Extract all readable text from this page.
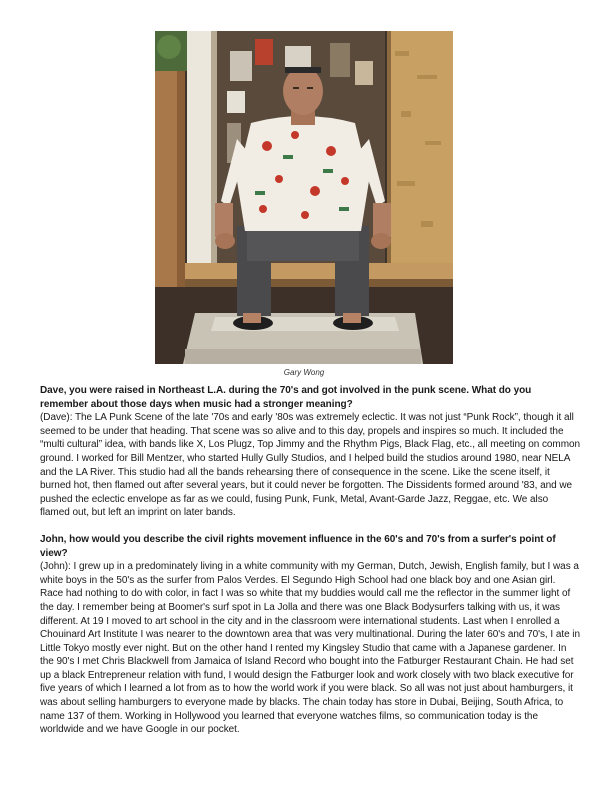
Gary Wong

Dave, you were raised in Northeast L.A. during the 70's and got involved in the punk scene. What do you remember about those days when music had a stronger meaning?

(Dave): The LA Punk Scene of the late '70s and early '80s was extremely eclectic. It was not just “Punk Rock”, though it all seemed to be under that heading. That scene was so alive and to this day, propels and inspires so much. It included the “multi cultural” idea, with bands like X, Los Plugz, Top Jimmy and the Rhythm Pigs, Black Flag, etc., all meeting on common ground. I worked for Bill Mentzer, who started Hully Gully Studios, and I helped build the studios around 1980, near NELA and the LA River. This studio had all the bands rehearsing there of consequence in the scene. Like the scene itself, it burned hot, then flamed out after several years, but it could never be forgotten. The Dissidents formed around '83, and we pushed the eclectic envelope as far as we could, fusing Punk, Funk, Metal, Avant-Garde Jazz, Reggae, etc. We also flamed out, but left an imprint on later bands.

John, how would you describe the civil rights movement influence in the 60's and 70's from a surfer's point of view?

(John): I grew up in a predominately living in a white community with my German, Dutch, Jewish, English family, but I was a white boys in the 50's as the surfer from Palos Verdes. El Segundo High School had one black boy and one Asian girl. Race had nothing to do with color, in fact I was so white that my buddies would call me the reflector in the summer light of the day. I remember being at Boomer's surf spot in La Jolla and there was one Black Bodysurfers talking with us, it was different. At 19 I moved to art school in the city and in the classroom were international students. Last when I enrolled a Chouinard Art Institute I was nearer to the downtown area that was very multinational. During the later 60's and 70's, I ate in Little Tokyo mostly ever night. But on the other hand I rented my Kingsley Studio that came with a Japanese gardener. In the 90's I met Chris Blackwell from Jamaica of Island Record who bought into the Fatburger Restaurant Chain. He had set up a black Entrepreneur relation with fund, I would design the Fatburger look and work closely with two black executive for five years of which I learned a lot from as to how the world work if you were black. So all was not just about hamburgers, it was about selling hamburgers to everyone made by blacks. The chain today has store in Dubai, Beijing, South Africa, to name 137 of them. Working in Hollywood you learned that everyone watches films, so communication today is the worldwide and we have Google in our pocket.
